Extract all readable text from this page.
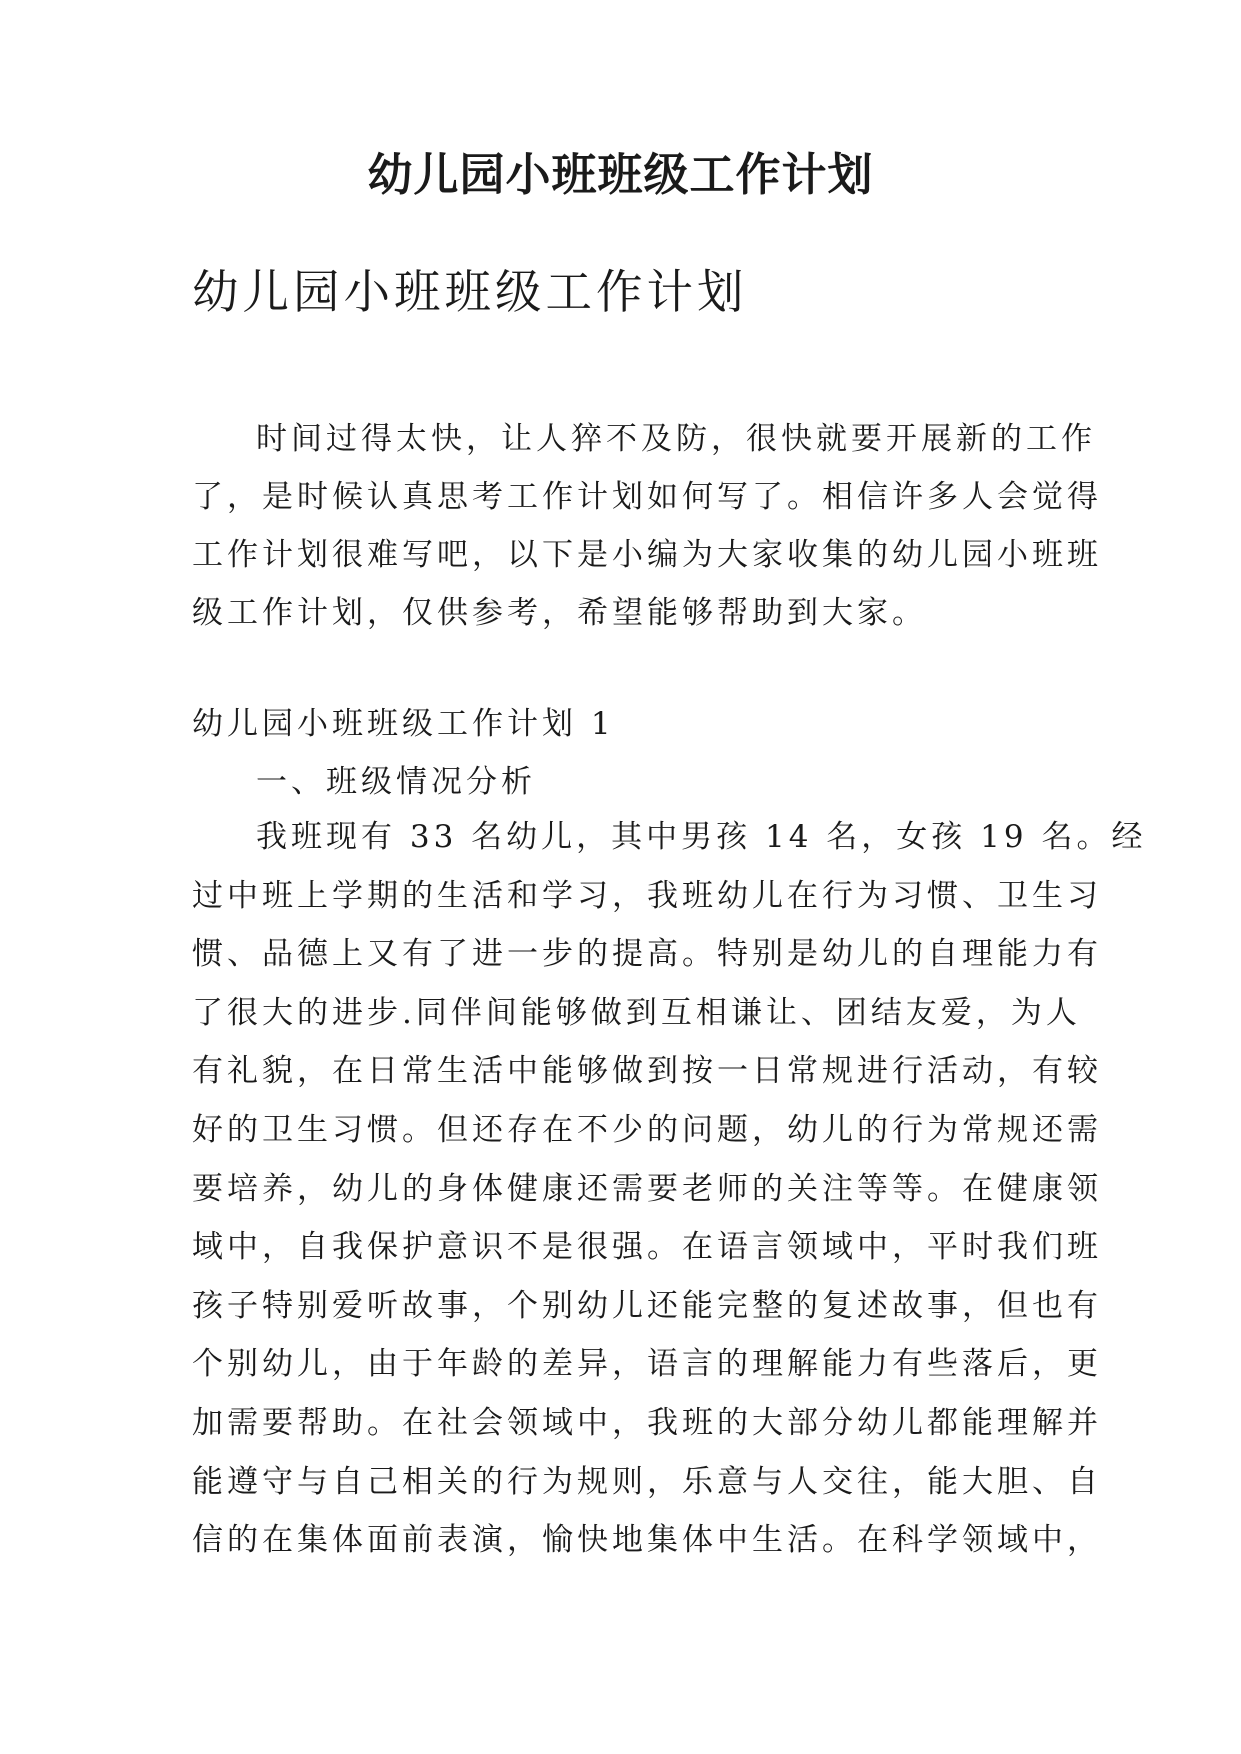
幼儿园小班班级工作计划
幼儿园小班班级工作计划

时间过得太快，让人猝不及防，很快就要开展新的工作
了，是时候认真思考工作计划如何写了。相信许多人会觉得
工作计划很难写吧，以下是小编为大家收集的幼儿园小班班
级工作计划，仅供参考，希望能够帮助到大家。

幼儿园小班班级工作计划 1
一、班级情况分析

我班现有 33 名幼儿，其中男孩 14 名，女孩 19 名。经
过中班上学期的生活和学习，我班幼儿在行为习惯、卫生习
惯、品德上又有了进一步的提高。特别是幼儿的自理能力有
了很大的进步.同伴间能够做到互相谦让、团结友爱，为人
有礼貌，在日常生活中能够做到按一日常规进行活动，有较
好的卫生习惯。但还存在不少的问题，幼儿的行为常规还需
要培养，幼儿的身体健康还需要老师的关注等等。在健康领
域中，自我保护意识不是很强。在语言领域中，平时我们班
孩子特别爱听故事，个别幼儿还能完整的复述故事，但也有
个别幼儿，由于年龄的差异，语言的理解能力有些落后，更
加需要帮助。在社会领域中，我班的大部分幼儿都能理解并
能遵守与自己相关的行为规则，乐意与人交往，能大胆、自
信的在集体面前表演，愉快地集体中生活。在科学领域中，
